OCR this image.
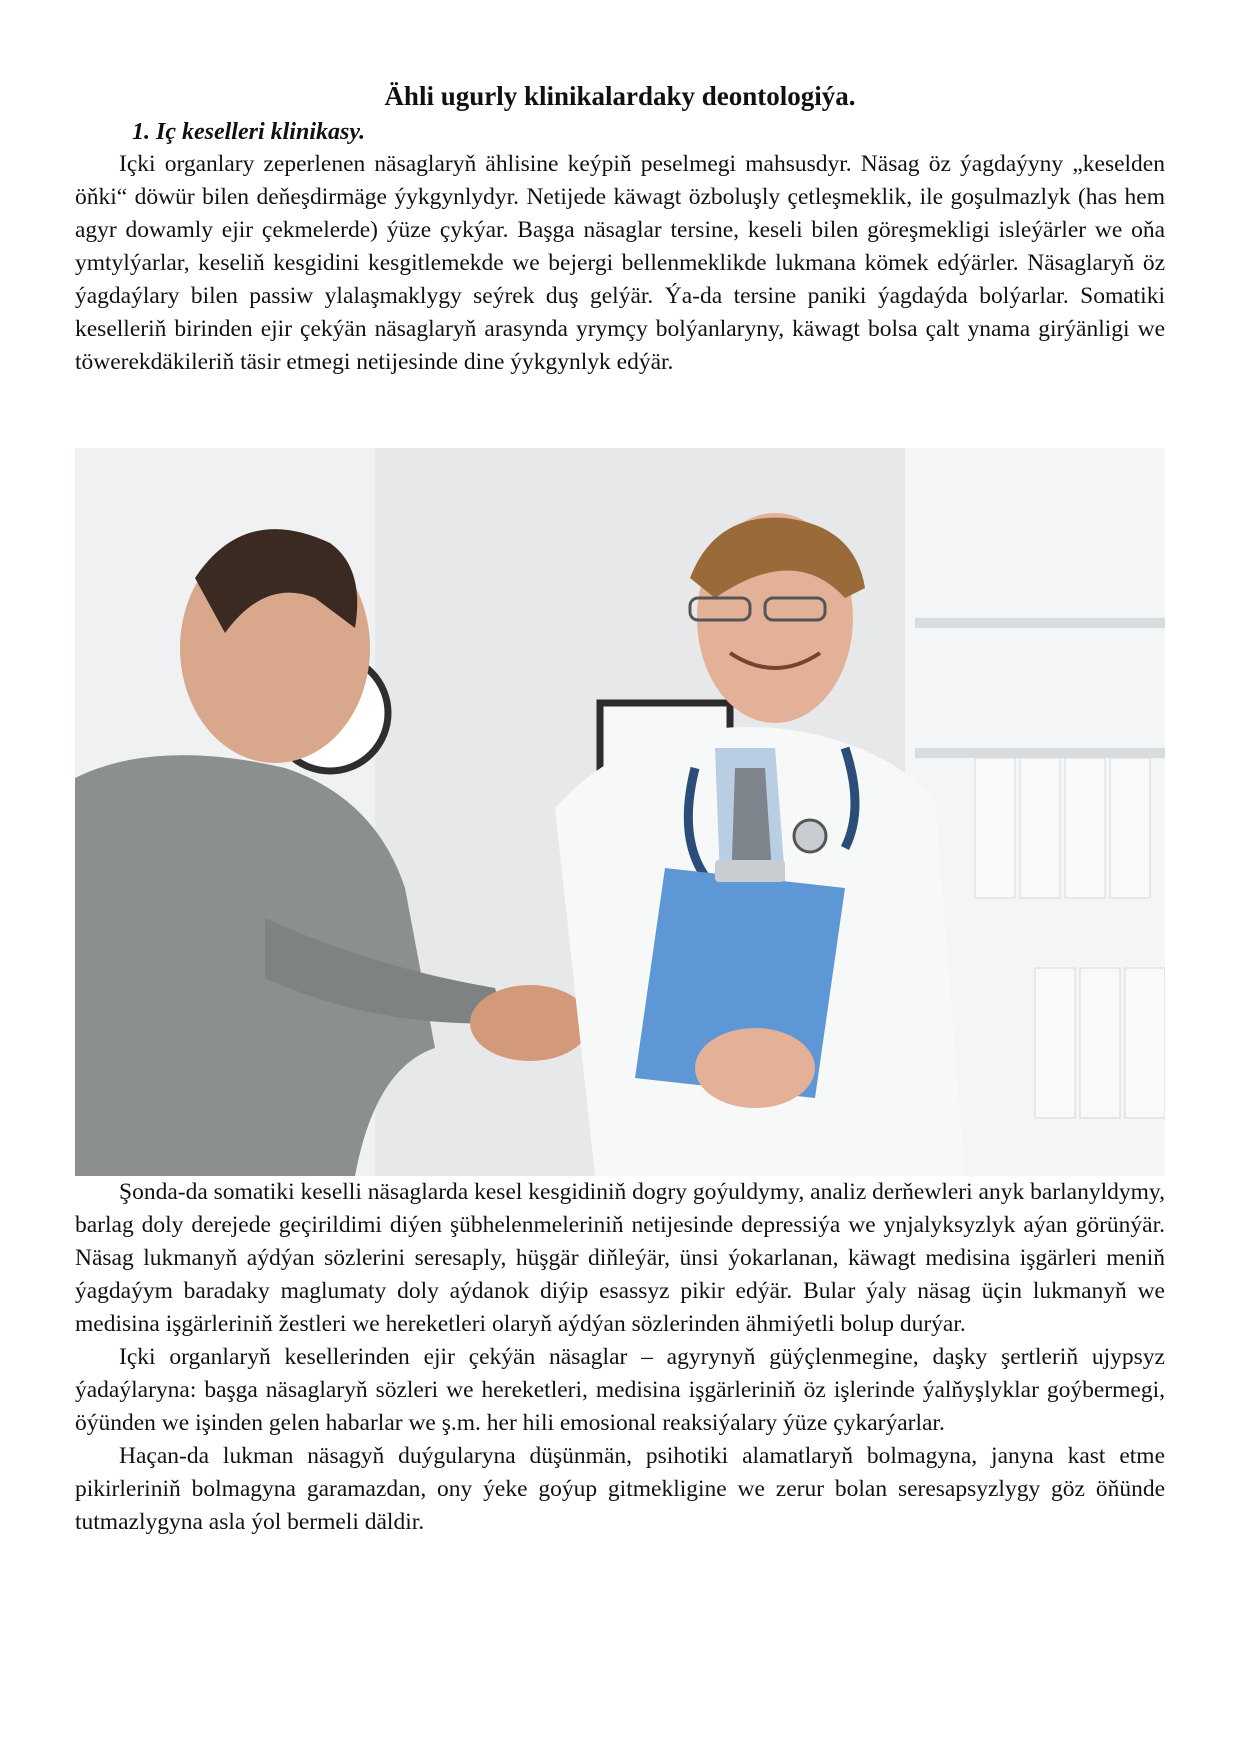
Ähli ugurly klinikalardaky deontologiýa.
1. Iç keselleri klinikasy.

Içki organlary zeperlenen näsaglaryň ählisine keýpiň peselmegi mahsusdyr. Näsag öz ýagdaýyny „keselden öňki“ döwür bilen deňeşdirmäge ýykgynlydyr. Netijede käwagt özboluşly çetleşmeklik, ile goşulmazlyk (has hem agyr dowamly ejir çekmelerde) ýüze çykýar. Başga näsaglar tersine, keseli bilen göreşmekligi isleýärler we oňa ymtylýarlar, keseliň kesgidini kesgitlemekde we bejergi bellenmeklikde lukmana kömek edýärler. Näsaglaryň öz ýagdaýlary bilen passiw ylalaşmaklygy seýrek duş gelýär. Ýa-da tersine paniki ýagdaýda bolýarlar. Somatiki keselleriň birinden ejir çekýän näsaglaryň arasynda yrymçy bolýanlaryny, käwagt bolsa çalt ynama girýänligi we töwerekdäkileriň täsir etmegi netijesinde dine ýykgynlyk edýär.

Şonda-da somatiki keselli näsaglarda kesel kesgidiniň dogry goýuldymy, analiz derňewleri anyk barlanyldymy, barlag doly derejede geçirildimi diýen şübhelenmeleriniň netijesinde depressiýa we ynjalyksyzlyk aýan görünýär. Näsag lukmanyň aýdýan sözlerini seresaply, hüşgär diňleýär, ünsi ýokarlanan, käwagt medisina işgärleri meniň ýagdaýym baradaky maglumaty doly aýdanok diýip esassyz pikir edýär. Bular ýaly näsag üçin lukmanyň we medisina işgärleriniň žestleri we hereketleri olaryň aýdýan sözlerinden ähmiýetli bolup durýar.

Içki organlaryň kesellerinden ejir çekýän näsaglar – agyrynyň güýçlenmegine, daşky şertleriň ujypsyz ýadaýlaryna: başga näsaglaryň sözleri we hereketleri, medisina işgärleriniň öz işlerinde ýalňyşlyklar goýbermegi, öýünden we işinden gelen habarlar we ş.m. her hili emosional reaksiýalary ýüze çykarýarlar.

Haçan-da lukman näsagyň duýgularyna düşünmän, psihotiki alamatlaryň bolmagyna, janyna kast etme pikirleriniň bolmagyna garamazdan, ony ýeke goýup gitmekligine we zerur bolan seresapsyzlygy göz öňünde tutmazlygyna asla ýol bermeli däldir.
